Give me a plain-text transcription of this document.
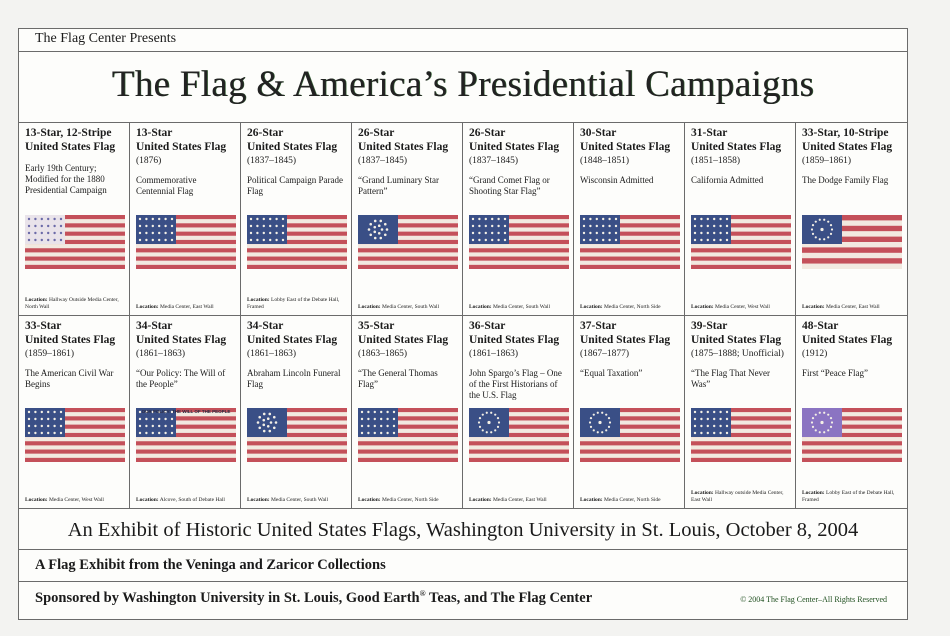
The Flag Center Presents
The Flag & America’s Presidential Campaigns
13-Star, 12-Stripe
United States Flag
Early 19th Century; Modified for the 1880 Presidential Campaign
Location: Hallway Outside Media Center, North Wall
13-Star
United States Flag
(1876)
Commemorative Centennial Flag
Location: Media Center, East Wall
26-Star
United States Flag
(1837–1845)
Political Campaign Parade Flag
Location: Lobby East of the Debate Hall, Framed
26-Star
United States Flag
(1837–1845)
“Grand Luminary Star Pattern”
Location: Media Center, South Wall
26-Star
United States Flag
(1837–1845)
“Grand Comet Flag or Shooting Star Flag”
Location: Media Center, South Wall
30-Star
United States Flag
(1848–1851)
Wisconsin Admitted
Location: Media Center, North Side
31-Star
United States Flag
(1851–1858)
California Admitted
Location: Media Center, West Wall
33-Star, 10-Stripe
United States Flag
(1859–1861)
The Dodge Family Flag
Location: Media Center, East Wall
33-Star
United States Flag
(1859–1861)
The American Civil War Begins
Location: Media Center, West Wall
34-Star
United States Flag
(1861–1863)
“Our Policy: The Will of the People”
OUR POLICY: THE WILL OF THE PEOPLE
Location: Alcove, South of Debate Hall
34-Star
United States Flag
(1861–1863)
Abraham Lincoln Funeral Flag
Location: Media Center, South Wall
35-Star
United States Flag
(1863–1865)
“The General Thomas Flag”
Location: Media Center, North Side
36-Star
United States Flag
(1861–1863)
John Spargo’s Flag – One of the First Historians of the U.S. Flag
Location: Media Center, East Wall
37-Star
United States Flag
(1867–1877)
“Equal Taxation”
Location: Media Center, North Side
39-Star
United States Flag
(1875–1888; Unofficial)
“The Flag That Never Was”
Location: Hallway outside Media Center, East Wall
48-Star
United States Flag
(1912)
First “Peace Flag”
Location: Lobby East of the Debate Hall, Framed
An Exhibit of Historic United States Flags, Washington University in St. Louis, October 8, 2004
A Flag Exhibit from the Veninga and Zaricor Collections
Sponsored by Washington University in St. Louis, Good Earth® Teas, and The Flag Center	© 2004 The Flag Center–All Rights Reserved
